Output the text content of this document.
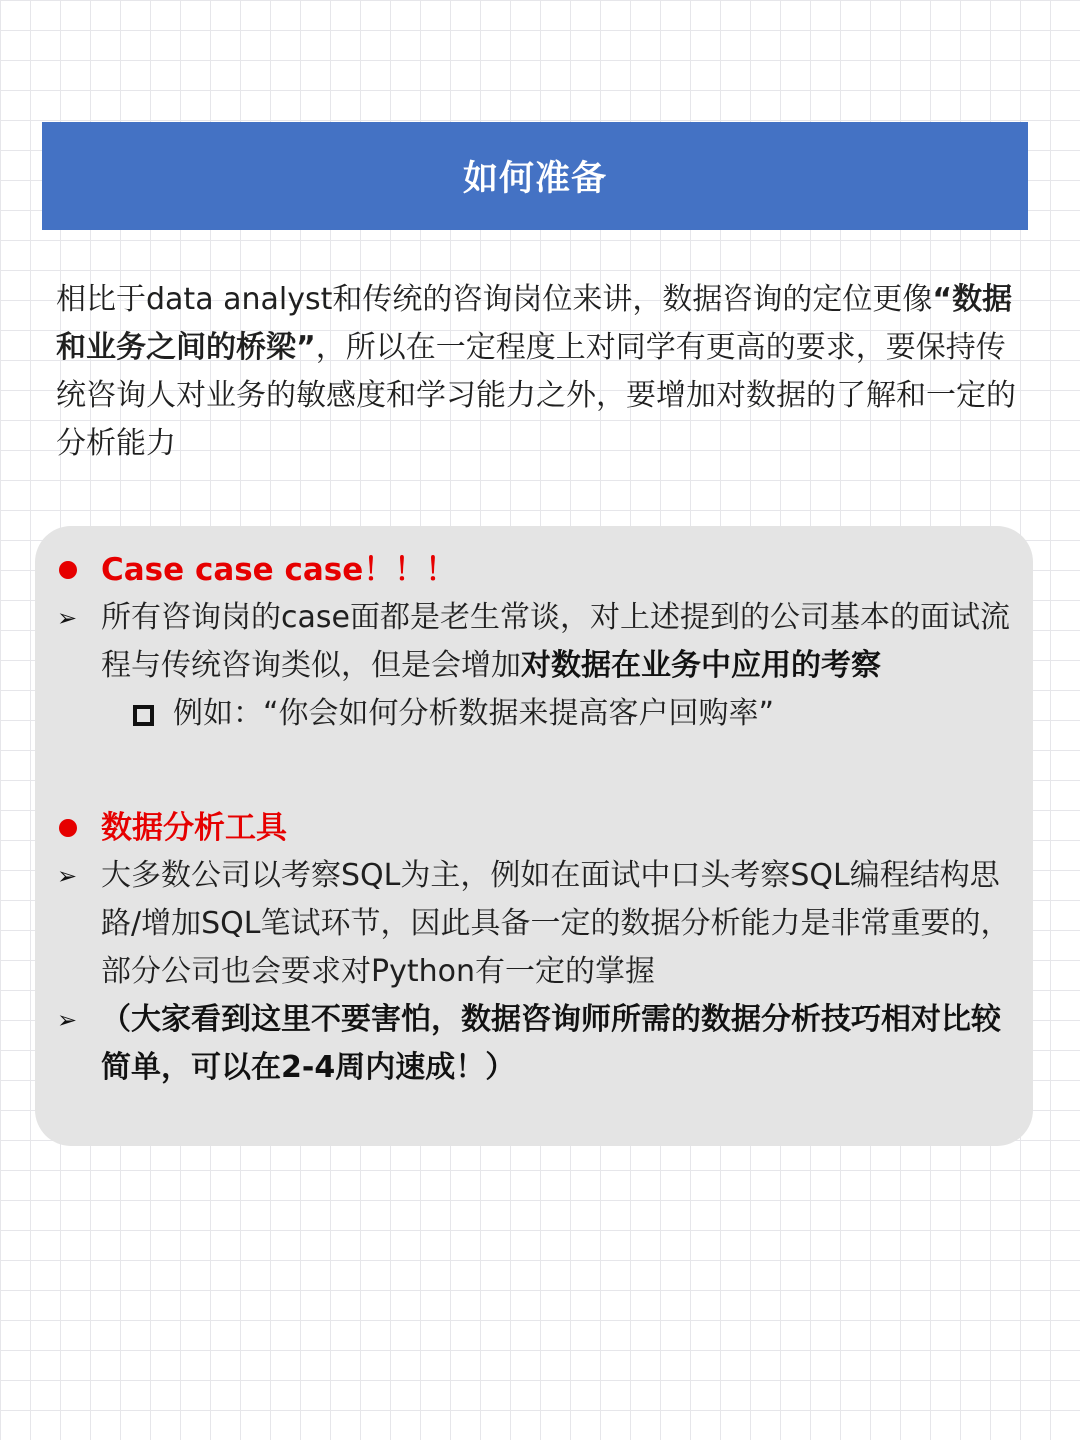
如何准备

相比于data analyst和传统的咨询岗位来讲，数据咨询的定位更像“数据和业务之间的桥梁”，所以在一定程度上对同学有更高的要求，要保持传统咨询人对业务的敏感度和学习能力之外，要增加对数据的了解和一定的分析能力

Case case case！！！
➢ 所有咨询岗的case面都是老生常谈，对上述提到的公司基本的面试流程与传统咨询类似，但是会增加对数据在业务中应用的考察
例如：“你会如何分析数据来提高客户回购率”
数据分析工具
➢ 大多数公司以考察SQL为主，例如在面试中口头考察SQL编程结构思路/增加SQL笔试环节，因此具备一定的数据分析能力是非常重要的，部分公司也会要求对Python有一定的掌握
➢ （大家看到这里不要害怕，数据咨询师所需的数据分析技巧相对比较简单，可以在2-4周内速成！）
